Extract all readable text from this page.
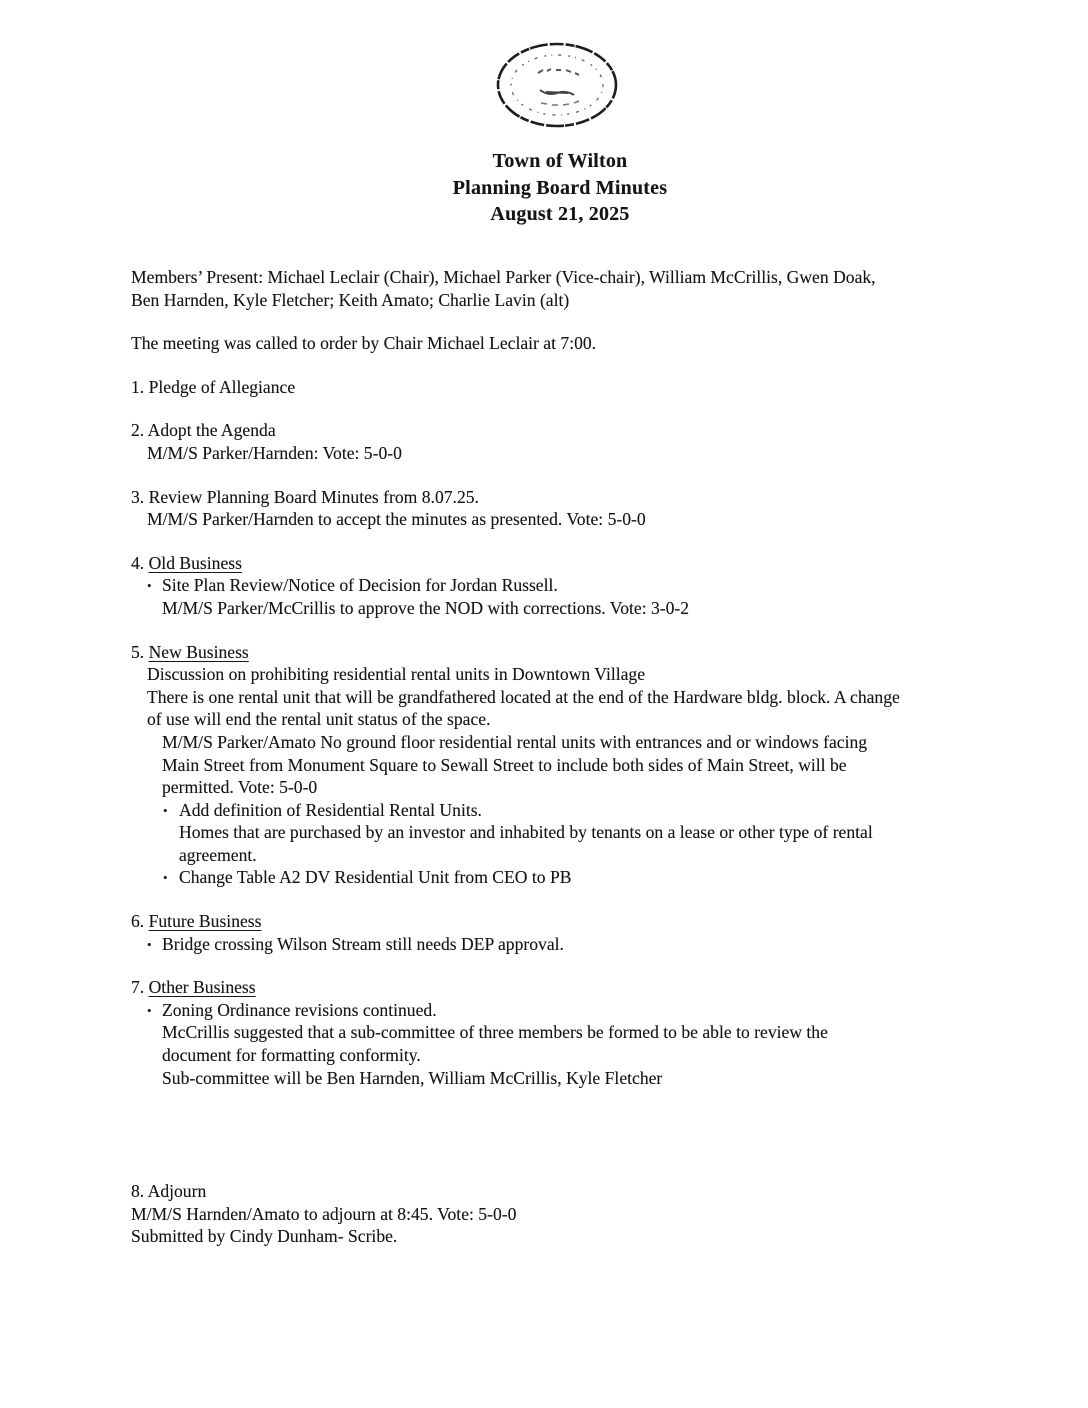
Town of Wilton
Planning Board Minutes
August 21, 2025
Members’ Present: Michael Leclair (Chair), Michael Parker (Vice-chair), William McCrillis, Gwen Doak,
Ben Harnden, Kyle Fletcher; Keith Amato; Charlie Lavin (alt)
The meeting was called to order by Chair Michael Leclair at 7:00.
1. Pledge of Allegiance
2. Adopt the Agenda
M/M/S Parker/Harnden: Vote: 5-0-0
3. Review Planning Board Minutes from 8.07.25.
M/M/S Parker/Harnden to accept the minutes as presented. Vote: 5-0-0
4. Old Business
• Site Plan Review/Notice of Decision for Jordan Russell.
M/M/S Parker/McCrillis to approve the NOD with corrections. Vote: 3-0-2
5. New Business
Discussion on prohibiting residential rental units in Downtown Village
There is one rental unit that will be grandfathered located at the end of the Hardware bldg. block. A change
of use will end the rental unit status of the space.
M/M/S Parker/Amato No ground floor residential rental units with entrances and or windows facing
Main Street from Monument Square to Sewall Street to include both sides of Main Street, will be
permitted. Vote: 5-0-0
• Add definition of Residential Rental Units.
Homes that are purchased by an investor and inhabited by tenants on a lease or other type of rental
agreement.
• Change Table A2 DV Residential Unit from CEO to PB
6. Future Business
• Bridge crossing Wilson Stream still needs DEP approval.
7. Other Business
• Zoning Ordinance revisions continued.
McCrillis suggested that a sub-committee of three members be formed to be able to review the
document for formatting conformity.
Sub-committee will be Ben Harnden, William McCrillis, Kyle Fletcher
8. Adjourn
M/M/S Harnden/Amato to adjourn at 8:45. Vote: 5-0-0
Submitted by Cindy Dunham- Scribe.
